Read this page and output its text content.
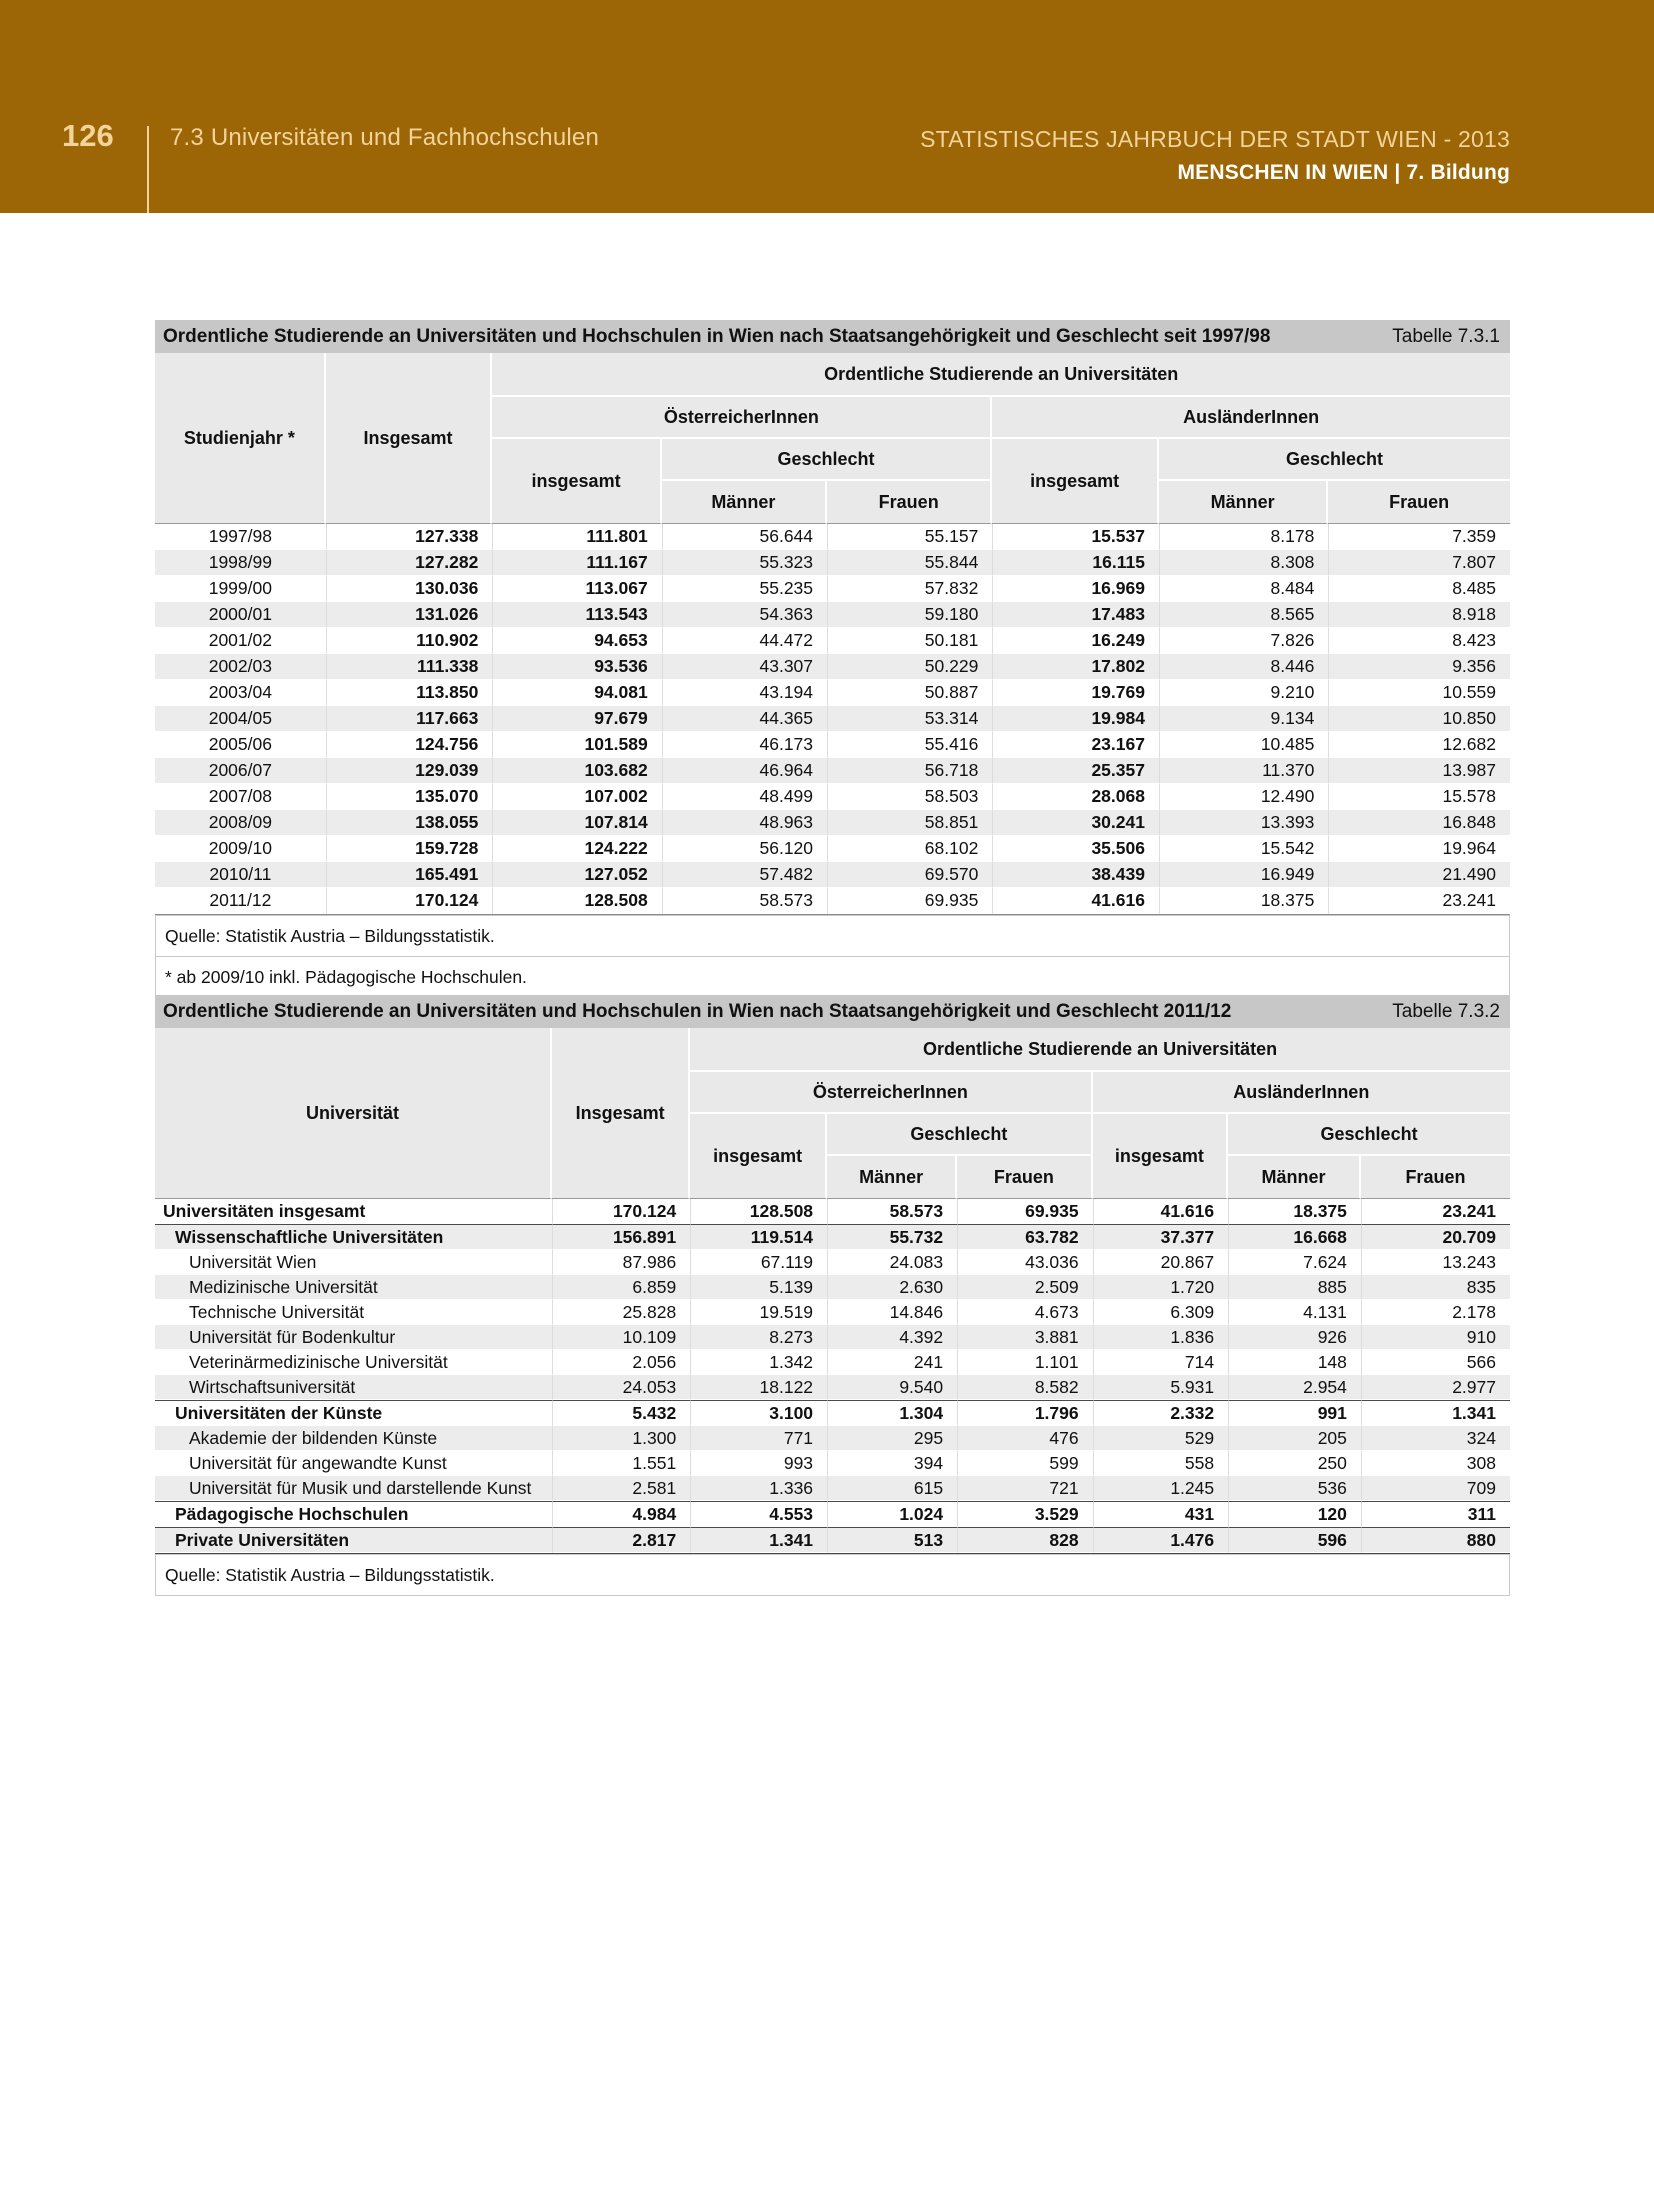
126 7.3 Universitäten und Fachhochschulen	STATISTISCHES JAHRBUCH DER STADT WIEN - 2013
MENSCHEN IN WIEN | 7. Bildung
Ordentliche Studierende an Universitäten und Hochschulen in Wien nach Staatsangehörigkeit und Geschlecht seit 1997/98	Tabelle 7.3.1
Studienjahr *	Insgesamt	Ordentliche Studierende an Universitäten					
		ÖsterreicherInnen			AusländerInnen		
		insgesamt	Geschlecht		insgesamt	Geschlecht	
			Männer	Frauen		Männer	Frauen
1997/98	127.338	111.801	56.644	55.157	15.537	8.178	7.359
1998/99	127.282	111.167	55.323	55.844	16.115	8.308	7.807
1999/00	130.036	113.067	55.235	57.832	16.969	8.484	8.485
2000/01	131.026	113.543	54.363	59.180	17.483	8.565	8.918
2001/02	110.902	94.653	44.472	50.181	16.249	7.826	8.423
2002/03	111.338	93.536	43.307	50.229	17.802	8.446	9.356
2003/04	113.850	94.081	43.194	50.887	19.769	9.210	10.559
2004/05	117.663	97.679	44.365	53.314	19.984	9.134	10.850
2005/06	124.756	101.589	46.173	55.416	23.167	10.485	12.682
2006/07	129.039	103.682	46.964	56.718	25.357	11.370	13.987
2007/08	135.070	107.002	48.499	58.503	28.068	12.490	15.578
2008/09	138.055	107.814	48.963	58.851	30.241	13.393	16.848
2009/10	159.728	124.222	56.120	68.102	35.506	15.542	19.964
2010/11	165.491	127.052	57.482	69.570	38.439	16.949	21.490
2011/12	170.124	128.508	58.573	69.935	41.616	18.375	23.241
Quelle: Statistik Austria – Bildungsstatistik.
* ab 2009/10 inkl. Pädagogische Hochschulen.
Ordentliche Studierende an Universitäten und Hochschulen in Wien nach Staatsangehörigkeit und Geschlecht 2011/12	Tabelle 7.3.2
Universität	Insgesamt	Ordentliche Studierende an Universitäten					
		ÖsterreicherInnen			AusländerInnen		
		insgesamt	Geschlecht		insgesamt	Geschlecht	
			Männer	Frauen		Männer	Frauen
Universitäten insgesamt	170.124	128.508	58.573	69.935	41.616	18.375	23.241
Wissenschaftliche Universitäten	156.891	119.514	55.732	63.782	37.377	16.668	20.709
Universität Wien	87.986	67.119	24.083	43.036	20.867	7.624	13.243
Medizinische Universität	6.859	5.139	2.630	2.509	1.720	885	835
Technische Universität	25.828	19.519	14.846	4.673	6.309	4.131	2.178
Universität für Bodenkultur	10.109	8.273	4.392	3.881	1.836	926	910
Veterinärmedizinische Universität	2.056	1.342	241	1.101	714	148	566
Wirtschaftsuniversität	24.053	18.122	9.540	8.582	5.931	2.954	2.977
Universitäten der Künste	5.432	3.100	1.304	1.796	2.332	991	1.341
Akademie der bildenden Künste	1.300	771	295	476	529	205	324
Universität für angewandte Kunst	1.551	993	394	599	558	250	308
Universität für Musik und darstellende Kunst	2.581	1.336	615	721	1.245	536	709
Pädagogische Hochschulen	4.984	4.553	1.024	3.529	431	120	311
Private Universitäten	2.817	1.341	513	828	1.476	596	880
Quelle: Statistik Austria – Bildungsstatistik.
